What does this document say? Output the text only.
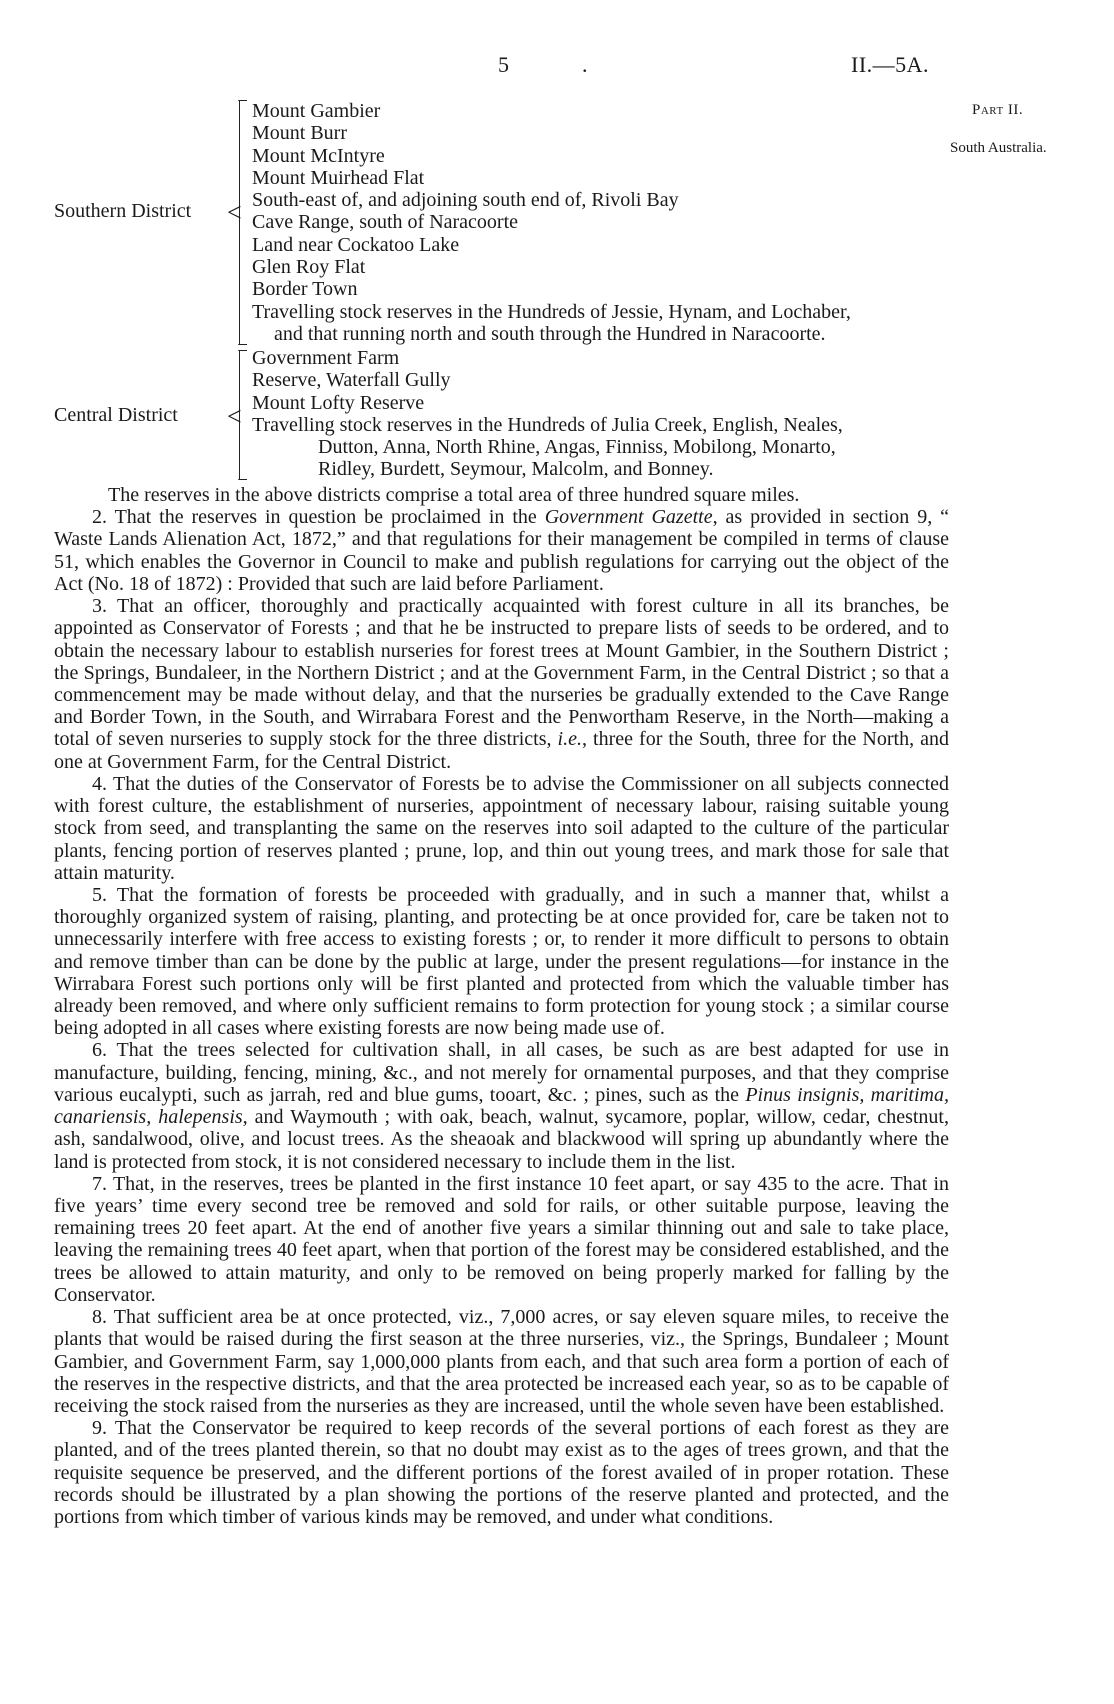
5	.	II.—5A.
Part II.
South Australia.
Southern District <
Mount Gambier
Mount Burr
Mount McIntyre
Mount Muirhead Flat
South-east of, and adjoining south end of, Rivoli Bay
Cave Range, south of Naracoorte
Land near Cockatoo Lake
Glen Roy Flat
Border Town
Travelling stock reserves in the Hundreds of Jessie, Hynam, and Lochaber,
and that running north and south through the Hundred in Naracoorte.
Central District <
Government Farm
Reserve, Waterfall Gully
Mount Lofty Reserve
Travelling stock reserves in the Hundreds of Julia Creek, English, Neales,
Dutton, Anna, North Rhine, Angas, Finniss, Mobilong, Monarto,
Ridley, Burdett, Seymour, Malcolm, and Bonney.

The reserves in the above districts comprise a total area of three hundred square miles.

2. That the reserves in question be proclaimed in the Government Gazette, as provided in section 9, “ Waste Lands Alienation Act, 1872,” and that regulations for their management be compiled in terms of clause 51, which enables the Governor in Council to make and publish regulations for carrying out the object of the Act (No. 18 of 1872) : Provided that such are laid before Parliament.

3. That an officer, thoroughly and practically acquainted with forest culture in all its branches, be appointed as Conservator of Forests ; and that he be instructed to prepare lists of seeds to be ordered, and to obtain the necessary labour to establish nurseries for forest trees at Mount Gambier, in the Southern District ; the Springs, Bundaleer, in the Northern District ; and at the Government Farm, in the Central District ; so that a commencement may be made without delay, and that the nurseries be gradually extended to the Cave Range and Border Town, in the South, and Wirrabara Forest and the Penwortham Reserve, in the North—making a total of seven nurseries to supply stock for the three districts, i.e., three for the South, three for the North, and one at Government Farm, for the Central District.

4. That the duties of the Conservator of Forests be to advise the Commissioner on all subjects connected with forest culture, the establishment of nurseries, appointment of necessary labour, raising suitable young stock from seed, and transplanting the same on the reserves into soil adapted to the culture of the particular plants, fencing portion of reserves planted ; prune, lop, and thin out young trees, and mark those for sale that attain maturity.

5. That the formation of forests be proceeded with gradually, and in such a manner that, whilst a thoroughly organized system of raising, planting, and protecting be at once provided for, care be taken not to unnecessarily interfere with free access to existing forests ; or, to render it more difficult to persons to obtain and remove timber than can be done by the public at large, under the present regulations—for instance in the Wirrabara Forest such portions only will be first planted and protected from which the valuable timber has already been removed, and where only sufficient remains to form protection for young stock ; a similar course being adopted in all cases where existing forests are now being made use of.

6. That the trees selected for cultivation shall, in all cases, be such as are best adapted for use in manufacture, building, fencing, mining, &c., and not merely for ornamental purposes, and that they comprise various eucalypti, such as jarrah, red and blue gums, tooart, &c. ; pines, such as the Pinus insignis, maritima, canariensis, halepensis, and Waymouth ; with oak, beach, walnut, sycamore, poplar, willow, cedar, chestnut, ash, sandalwood, olive, and locust trees. As the sheaoak and blackwood will spring up abundantly where the land is protected from stock, it is not considered necessary to include them in the list.

7. That, in the reserves, trees be planted in the first instance 10 feet apart, or say 435 to the acre. That in five years’ time every second tree be removed and sold for rails, or other suitable purpose, leaving the remaining trees 20 feet apart. At the end of another five years a similar thinning out and sale to take place, leaving the remaining trees 40 feet apart, when that portion of the forest may be considered established, and the trees be allowed to attain maturity, and only to be removed on being properly marked for falling by the Conservator.

8. That sufficient area be at once protected, viz., 7,000 acres, or say eleven square miles, to receive the plants that would be raised during the first season at the three nurseries, viz., the Springs, Bundaleer ; Mount Gambier, and Government Farm, say 1,000,000 plants from each, and that such area form a portion of each of the reserves in the respective districts, and that the area protected be increased each year, so as to be capable of receiving the stock raised from the nurseries as they are increased, until the whole seven have been established.

9. That the Conservator be required to keep records of the several portions of each forest as they are planted, and of the trees planted therein, so that no doubt may exist as to the ages of trees grown, and that the requisite sequence be preserved, and the different portions of the forest availed of in proper rotation. These records should be illustrated by a plan showing the portions of the reserve planted and protected, and the portions from which timber of various kinds may be removed, and under what conditions.
